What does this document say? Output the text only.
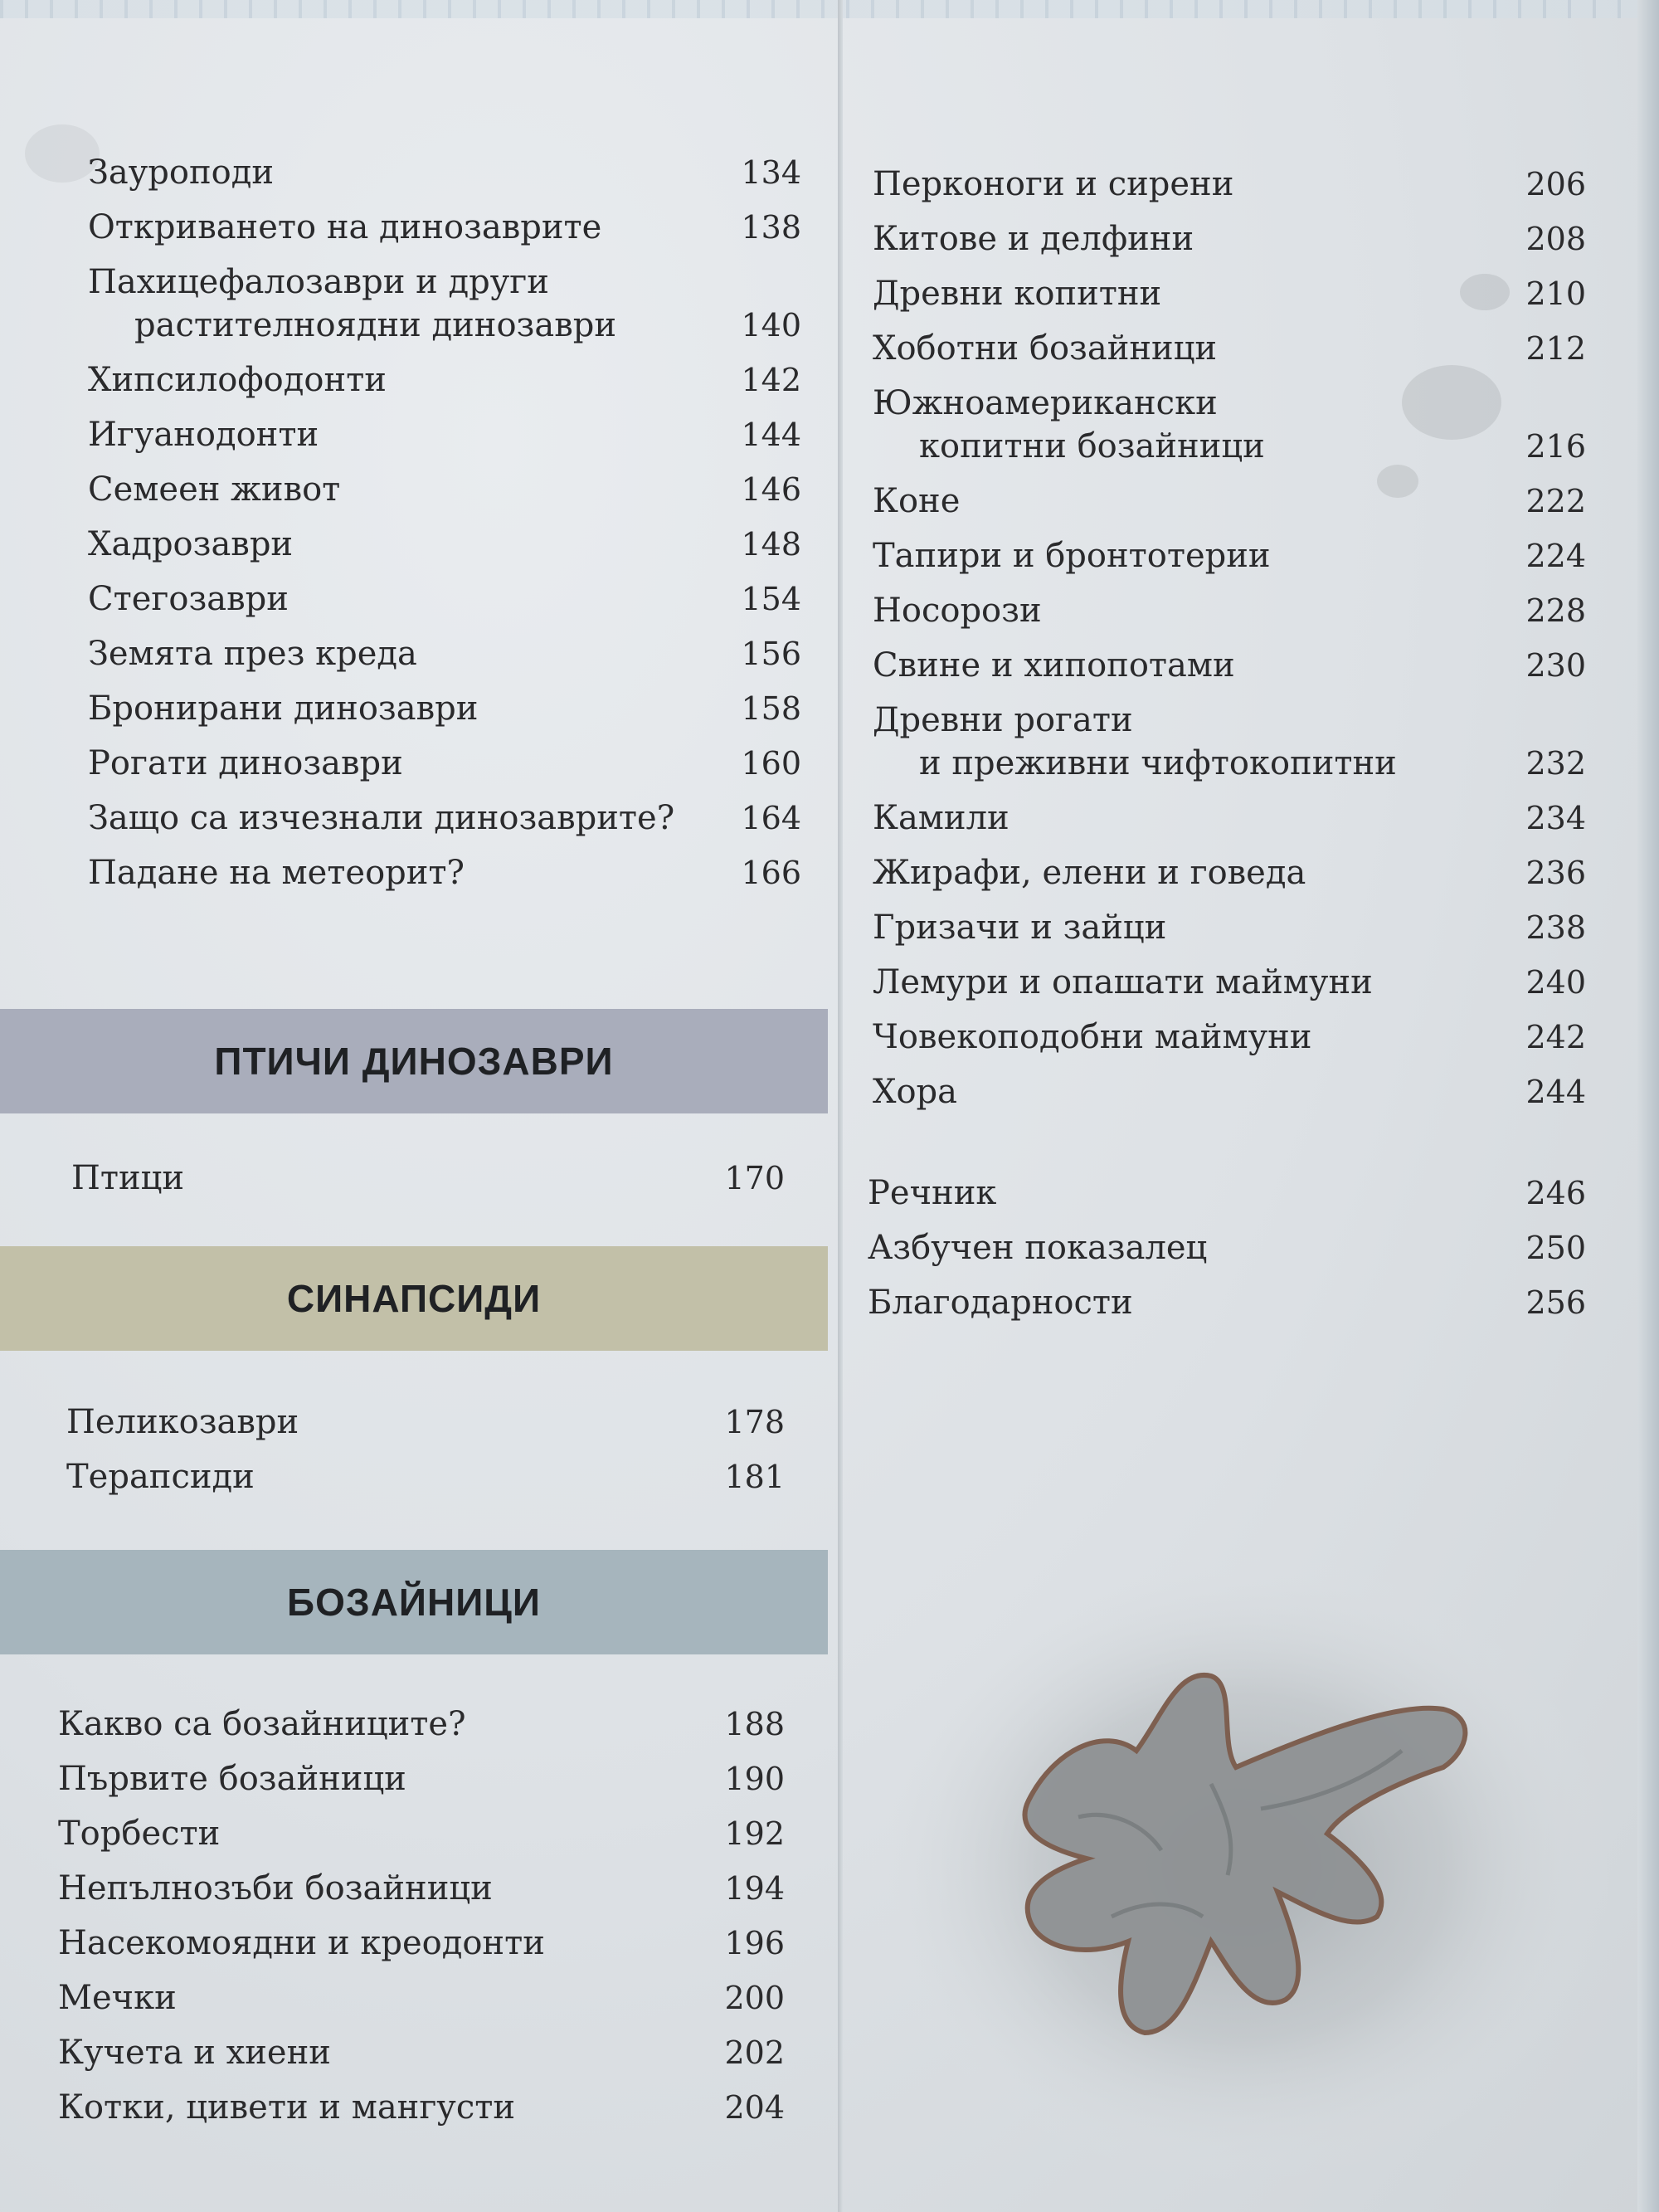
Зауроподи	134
Откриването на динозаврите	138
Пахицефалозаври и други
растителноядни динозаври	140
Хипсилофодонти	142
Игуанодонти	144
Семеен живот	146
Хадрозаври	148
Стегозаври	154
Земята през креда	156
Бронирани динозаври	158
Рогати динозаври	160
Защо са изчезнали динозаврите?	164
Падане на метеорит?	166
ПТИЧИ ДИНОЗАВРИ
Птици	170
СИНАПСИДИ
Пеликозаври	178
Терапсиди	181
БОЗАЙНИЦИ
Какво са бозайниците?	188
Първите бозайници	190
Торбести	192
Непълнозъби бозайници	194
Насекомоядни и креодонти	196
Мечки	200
Кучета и хиени	202
Котки, цивети и мангусти	204
Перконоги и сирени	206
Китове и делфини	208
Древни копитни	210
Хоботни бозайници	212
Южноамерикански
копитни бозайници	216
Коне	222
Тапири и бронтотерии	224
Носорози	228
Свине и хипопотами	230
Древни рогати
и преживни чифтокопитни	232
Камили	234
Жирафи, елени и говеда	236
Гризачи и зайци	238
Лемури и опашати маймуни	240
Човекоподобни маймуни	242
Хора	244
Речник	246
Азбучен показалец	250
Благодарности	256
